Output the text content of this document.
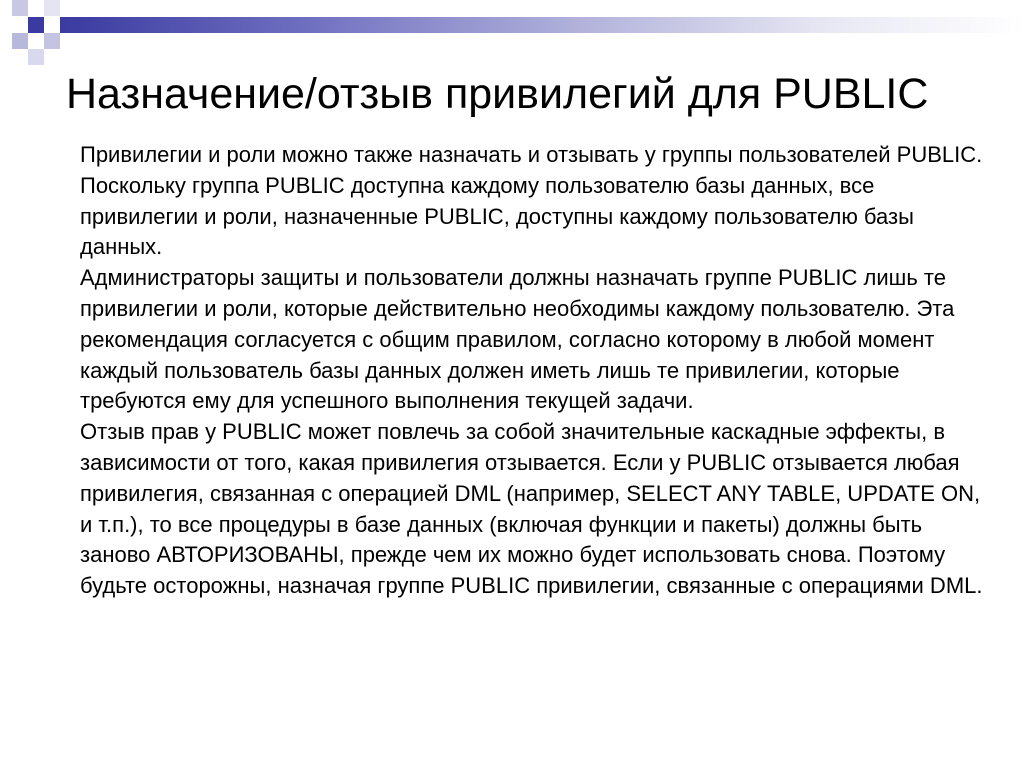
Назначение/отзыв привилегий для PUBLIC

Привилегии и роли можно также назначать и отзывать у группы пользователей PUBLIC. Поскольку группа PUBLIC доступна каждому пользователю базы данных, все привилегии и роли, назначенные PUBLIC, доступны каждому пользователю базы данных.

Администраторы защиты и пользователи должны назначать группе PUBLIC лишь те привилегии и роли, которые действительно необходимы каждому пользователю. Эта рекомендация согласуется с общим правилом, согласно которому в любой момент каждый пользователь базы данных должен иметь лишь те привилегии, которые требуются ему для успешного выполнения текущей задачи.

Отзыв прав у PUBLIC может повлечь за собой значительные каскадные эффекты, в зависимости от того, какая привилегия отзывается. Если у PUBLIC отзывается любая привилегия, связанная с операцией DML (например, SELECT ANY TABLE, UPDATE ON, и т.п.), то все процедуры в базе данных (включая функции и пакеты) должны быть заново АВТОРИЗОВАНЫ, прежде чем их можно будет использовать снова. Поэтому будьте осторожны, назначая группе PUBLIC привилегии, связанные с операциями DML.
